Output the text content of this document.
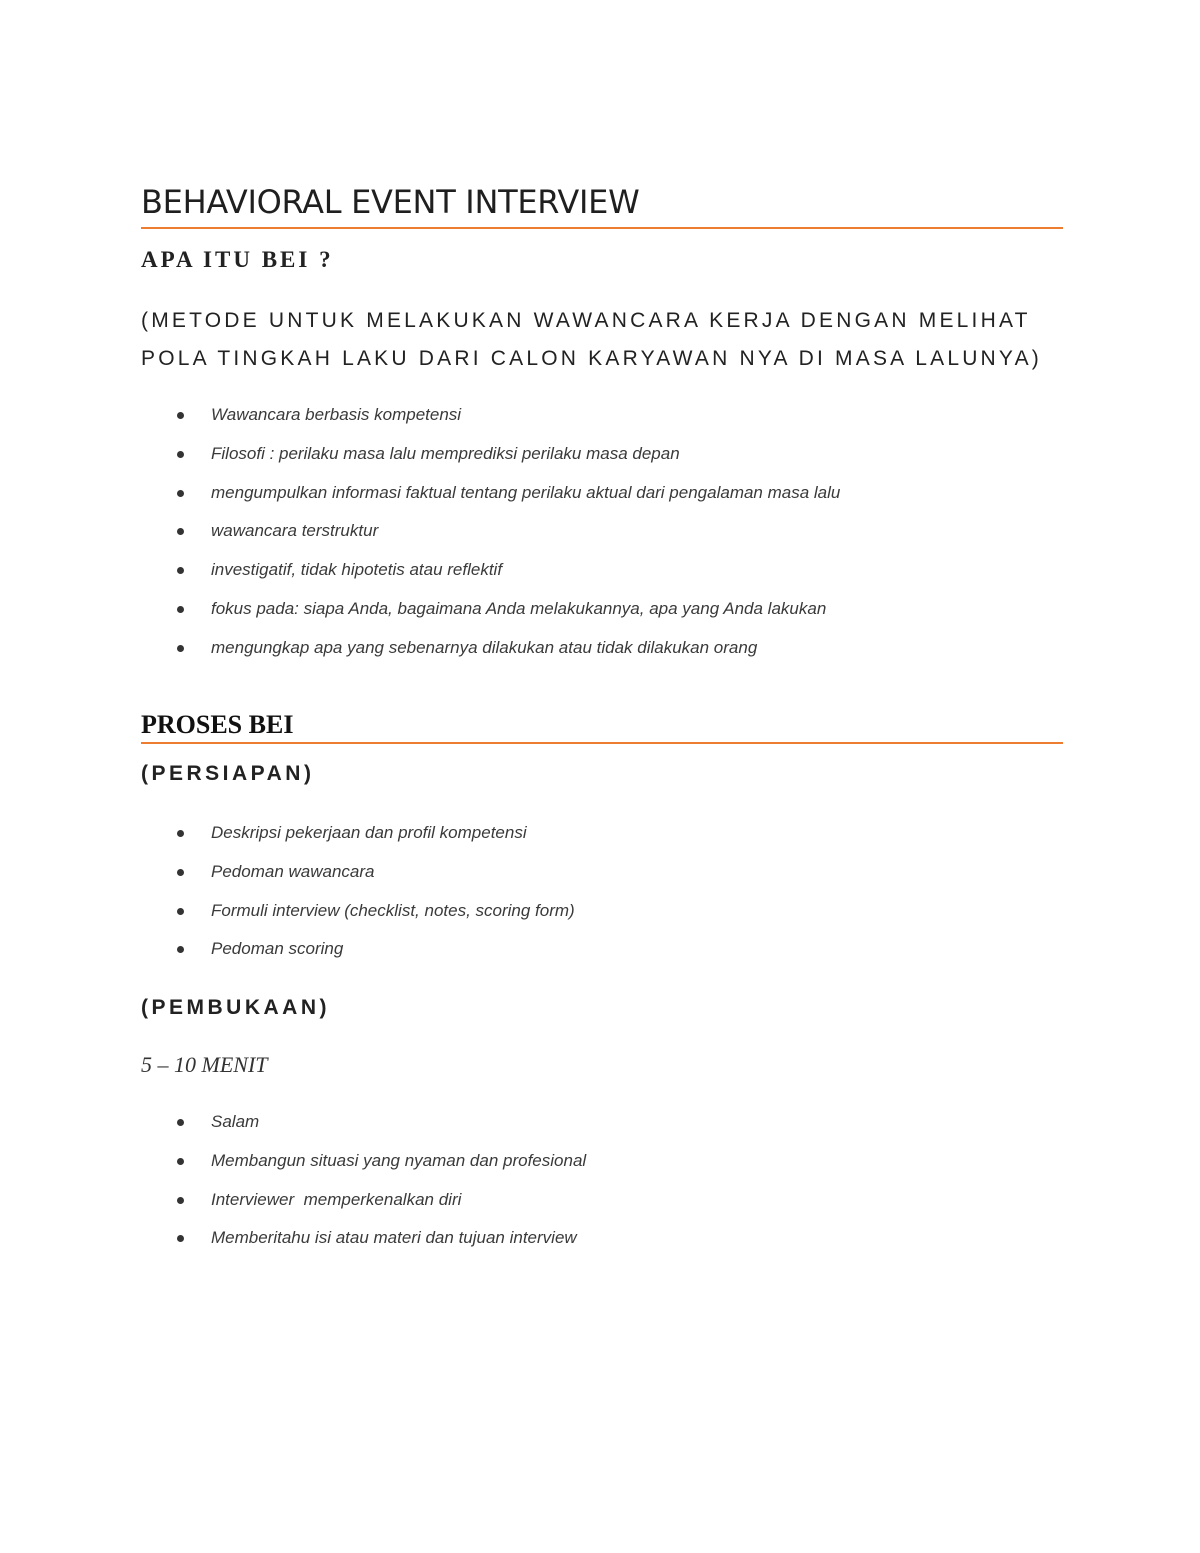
BEHAVIORAL EVENT INTERVIEW
APA ITU BEI ?

(METODE UNTUK MELAKUKAN WAWANCARA KERJA DENGAN MELIHAT POLA TINGKAH LAKU DARI CALON KARYAWAN NYA DI MASA LALUNYA)

Wawancara berbasis kompetensi
Filosofi : perilaku masa lalu memprediksi perilaku masa depan
mengumpulkan informasi faktual tentang perilaku aktual dari pengalaman masa lalu
wawancara terstruktur
investigatif, tidak hipotetis atau reflektif
fokus pada: siapa Anda, bagaimana Anda melakukannya, apa yang Anda lakukan
mengungkap apa yang sebenarnya dilakukan atau tidak dilakukan orang
PROSES BEI
(PERSIAPAN)
Deskripsi pekerjaan dan profil kompetensi
Pedoman wawancara
Formuli interview (checklist, notes, scoring form)
Pedoman scoring
(PEMBUKAAN)

5 – 10 MENIT

Salam
Membangun situasi yang nyaman dan profesional
Interviewer  memperkenalkan diri
Memberitahu isi atau materi dan tujuan interview
